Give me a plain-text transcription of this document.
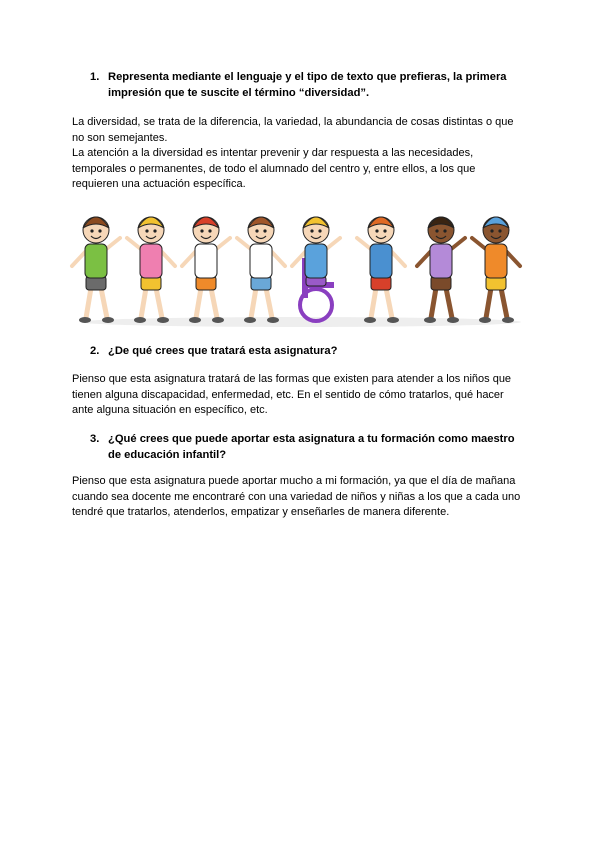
1. Representa mediante el lenguaje y el tipo de texto que prefieras, la primera
impresión que te suscite el término “diversidad”.
La diversidad, se trata de la diferencia, la variedad, la abundancia de cosas distintas o que
no son semejantes.
La atención a la diversidad es intentar prevenir y dar respuesta a las necesidades,
temporales o permanentes, de todo el alumnado del centro y, entre ellos, a los que
requieren una actuación específica.
2. ¿De qué crees que tratará esta asignatura?
Pienso que esta asignatura tratará de las formas que existen para atender a los niños que
tienen alguna discapacidad, enfermedad, etc. En el sentido de cómo tratarlos, qué hacer
ante alguna situación en específico, etc.
3. ¿Qué crees que puede aportar esta asignatura a tu formación como maestro
de educación infantil?
Pienso que esta asignatura puede aportar mucho a mi formación, ya que el día de mañana
cuando sea docente me encontraré con una variedad de niños y niñas a los que a cada uno
tendré que tratarlos, atenderlos, empatizar y enseñarles de manera diferente.
